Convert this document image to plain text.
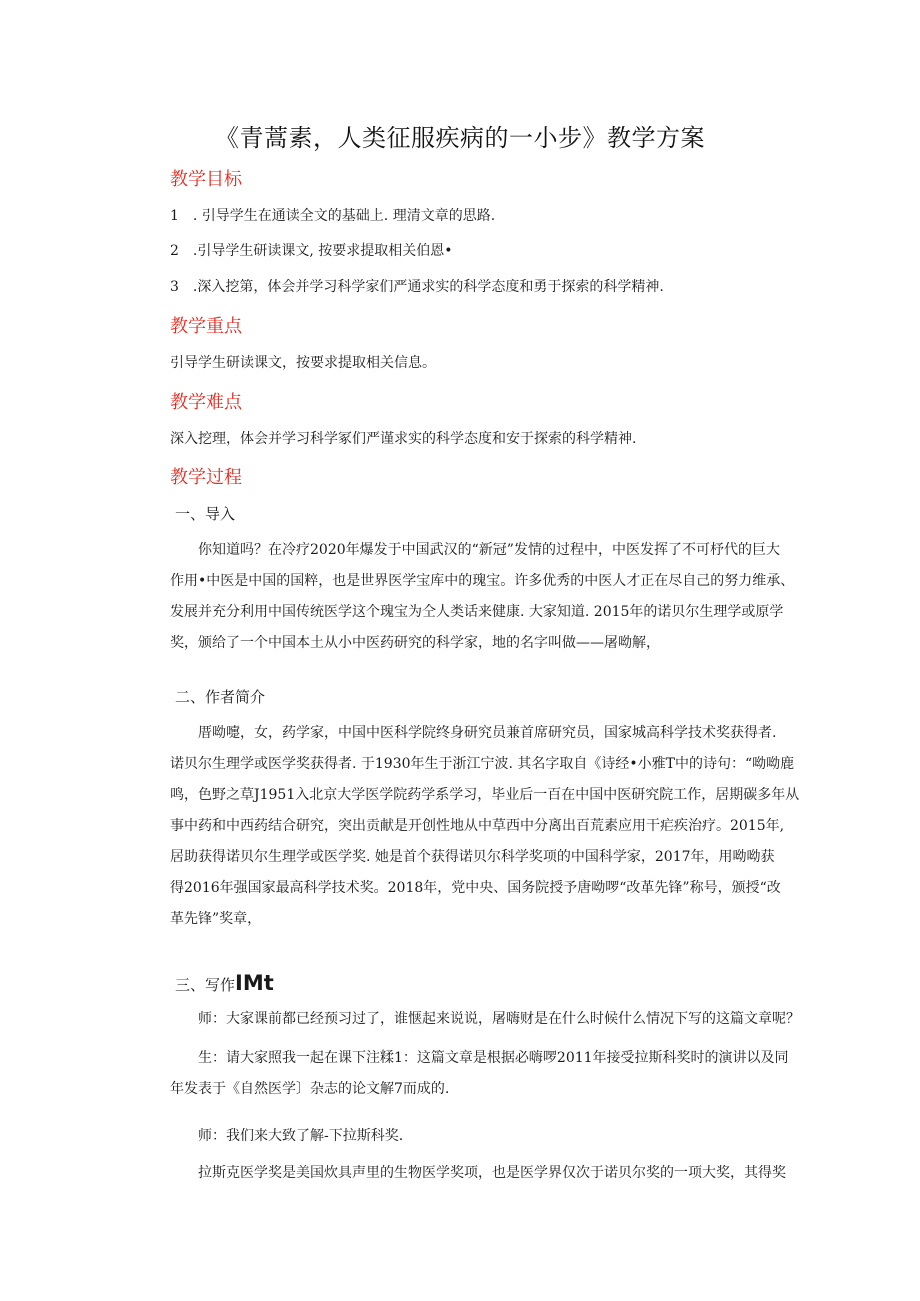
《青蒿素，人类征服疾病的一小步》教学方案
教学目标
1　. 引导学生在通读全文的基础上. 理清文章的思路.
2　.引导学生研读课文, 按要求提取相关伯恩•
3　.深入挖第，体会并学习科学家们严通求实的科学态度和勇于探索的科学精神.
教学重点
引导学生研读课文，按要求提取相关信息。
教学难点
深入挖理，体会并学习科学冢们严谨求实的科学态度和安于探索的科学精神.
教学过程
一、导入
你知道吗？在冷疗2020年爆发于中国武汉的“新冠”发情的过程中，中医发挥了不可杼代的巨大
作用•中医是中国的国粹，也是世界医学宝库中的瑰宝。许多优秀的中医人才正在尽自己的努力维承、
发展并充分利用中国传统医学这个瑰宝为仝人类话来健康. 大家知道. 2015年的诺贝尔生理学或原学
奖，颁给了一个中国本土从小中医药研究的科学家，地的名字叫做——屠呦解，
二、作者简介
厝呦嚏，女，药学家，中国中医科学院终身研究员兼首席研究员，国家城高科学技术奖获得者.
诺贝尔生理学或医学奖获得者. 于1930年生于浙江宁波. 其名字取自《诗经•小雅T中的诗句：“呦呦鹿
鸣，色野之草J1951入北京大学医学院药学系学习，毕业后一百在中国中医研究院工作，居期碳多年从
事中药和中西药结合研究，突出贡献是开创性地从中草西中分离出百荒素应用干疟疾治疗。2015年,
居助获得诺贝尔生理学或医学奖. 她是首个获得诺贝尔科学奖项的中国科学家，2017年，用呦呦获
得2016年强国家最高科学技术奖。2018年，党中央、国务院授予唐呦啰“改革先锋”称号，颁授“改
革先锋”奖章，
三、写作IMt
师：大家课前都已经预习过了，谁惬起来说说，屠嗨财是在什么时候什么情况下写的这篇文章呢？
生：请大家照我一起在课下注糅1：这篇文章是根据必嗨啰2011年接受拉斯科奖时的演讲以及同
年发表于《自然医学〕杂志的论文解7而成的.
师：我们来大致了解-下拉斯科奖.
拉斯克医学奖是美国炊具声里的生物医学奖项，也是医学界仅次于诺贝尔奖的一项大奖，其得奖
